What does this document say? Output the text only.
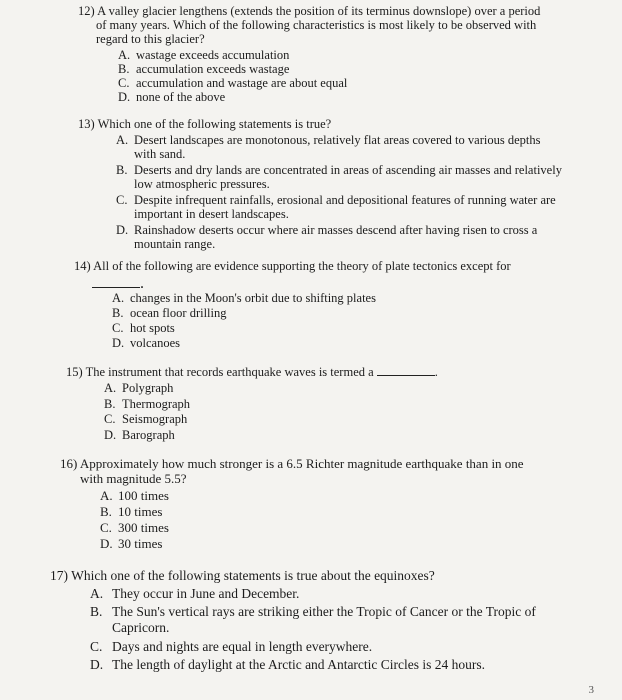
12) A valley glacier lengthens (extends the position of its terminus downslope) over a period
of many years. Which of the following characteristics is most likely to be observed with
regard to this glacier?
A. wastage exceeds accumulation
B. accumulation exceeds wastage
C. accumulation and wastage are about equal
D. none of the above
13) Which one of the following statements is true?
A. Desert landscapes are monotonous, relatively flat areas covered to various depths with sand.
B. Deserts and dry lands are concentrated in areas of ascending air masses and relatively low atmospheric pressures.
C. Despite infrequent rainfalls, erosional and depositional features of running water are important in desert landscapes.
D. Rainshadow deserts occur where air masses descend after having risen to cross a mountain range.
14) All of the following are evidence supporting the theory of plate tectonics except for
.
A. changes in the Moon's orbit due to shifting plates
B. ocean floor drilling
C. hot spots
D. volcanoes
15) The instrument that records earthquake waves is termed a	.
A. Polygraph
B. Thermograph
C. Seismograph
D. Barograph
16) Approximately how much stronger is a 6.5 Richter magnitude earthquake than in one
with magnitude 5.5?
A. 100 times
B. 10 times
C. 300 times
D. 30 times
17) Which one of the following statements is true about the equinoxes?
A. They occur in June and December.
B. The Sun's vertical rays are striking either the Tropic of Cancer or the Tropic of Capricorn.
C. Days and nights are equal in length everywhere.
D. The length of daylight at the Arctic and Antarctic Circles is 24 hours.
3
